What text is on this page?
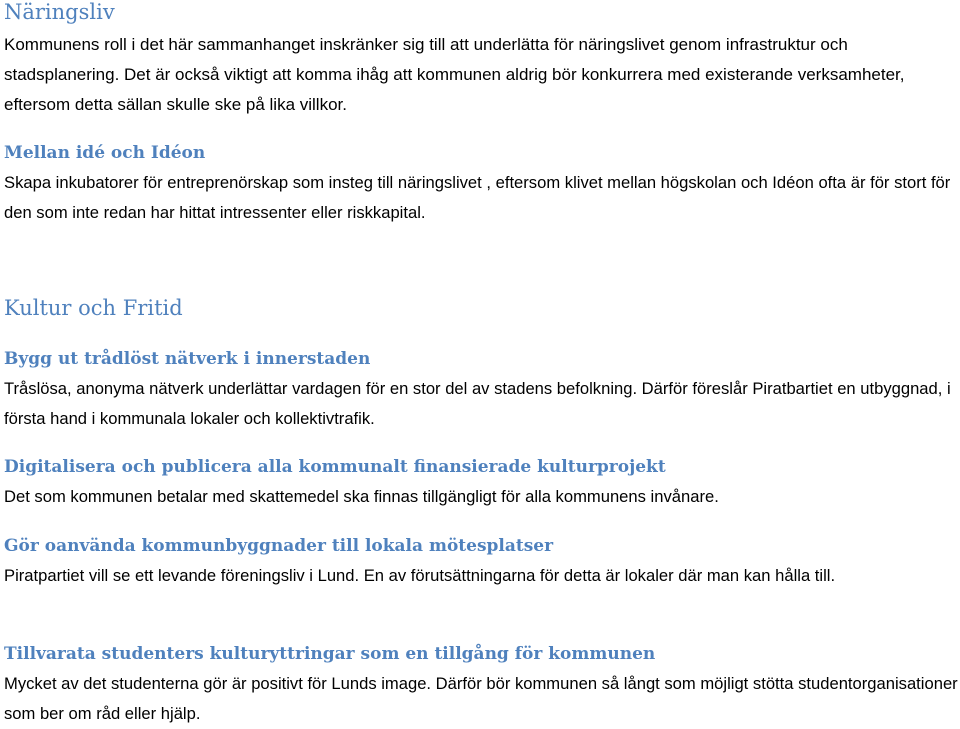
Näringsliv

Kommunens roll i det här sammanhanget inskränker sig till att underlätta för näringslivet genom infrastruktur och stadsplanering. Det är också viktigt att komma ihåg att kommunen aldrig bör konkurrera med existerande verksamheter, eftersom detta sällan skulle ske på lika villkor.

Mellan idé och Idéon

Skapa inkubatorer för entreprenörskap som insteg till näringslivet , eftersom klivet mellan högskolan och Idéon ofta är för stort för den som inte redan har hittat intressenter eller riskkapital.

Kultur och Fritid
Bygg ut trådlöst nätverk i innerstaden

Tråslösa, anonyma nätverk underlättar vardagen för en stor del av stadens befolkning. Därför föreslår Piratbartiet en utbyggnad, i första hand i kommunala lokaler och kollektivtrafik.

Digitalisera och publicera alla kommunalt finansierade kulturprojekt

Det som kommunen betalar med skattemedel ska finnas tillgängligt för alla kommunens invånare.

Gör oanvända kommunbyggnader till lokala mötesplatser

Piratpartiet vill se ett levande föreningsliv i Lund. En av förutsättningarna för detta är lokaler där man kan hålla till.

Tillvarata studenters kulturyttringar som en tillgång för kommunen

Mycket av det studenterna gör är positivt för Lunds image. Därför bör kommunen så långt som möjligt stötta studentorganisationer som ber om råd eller hjälp.
